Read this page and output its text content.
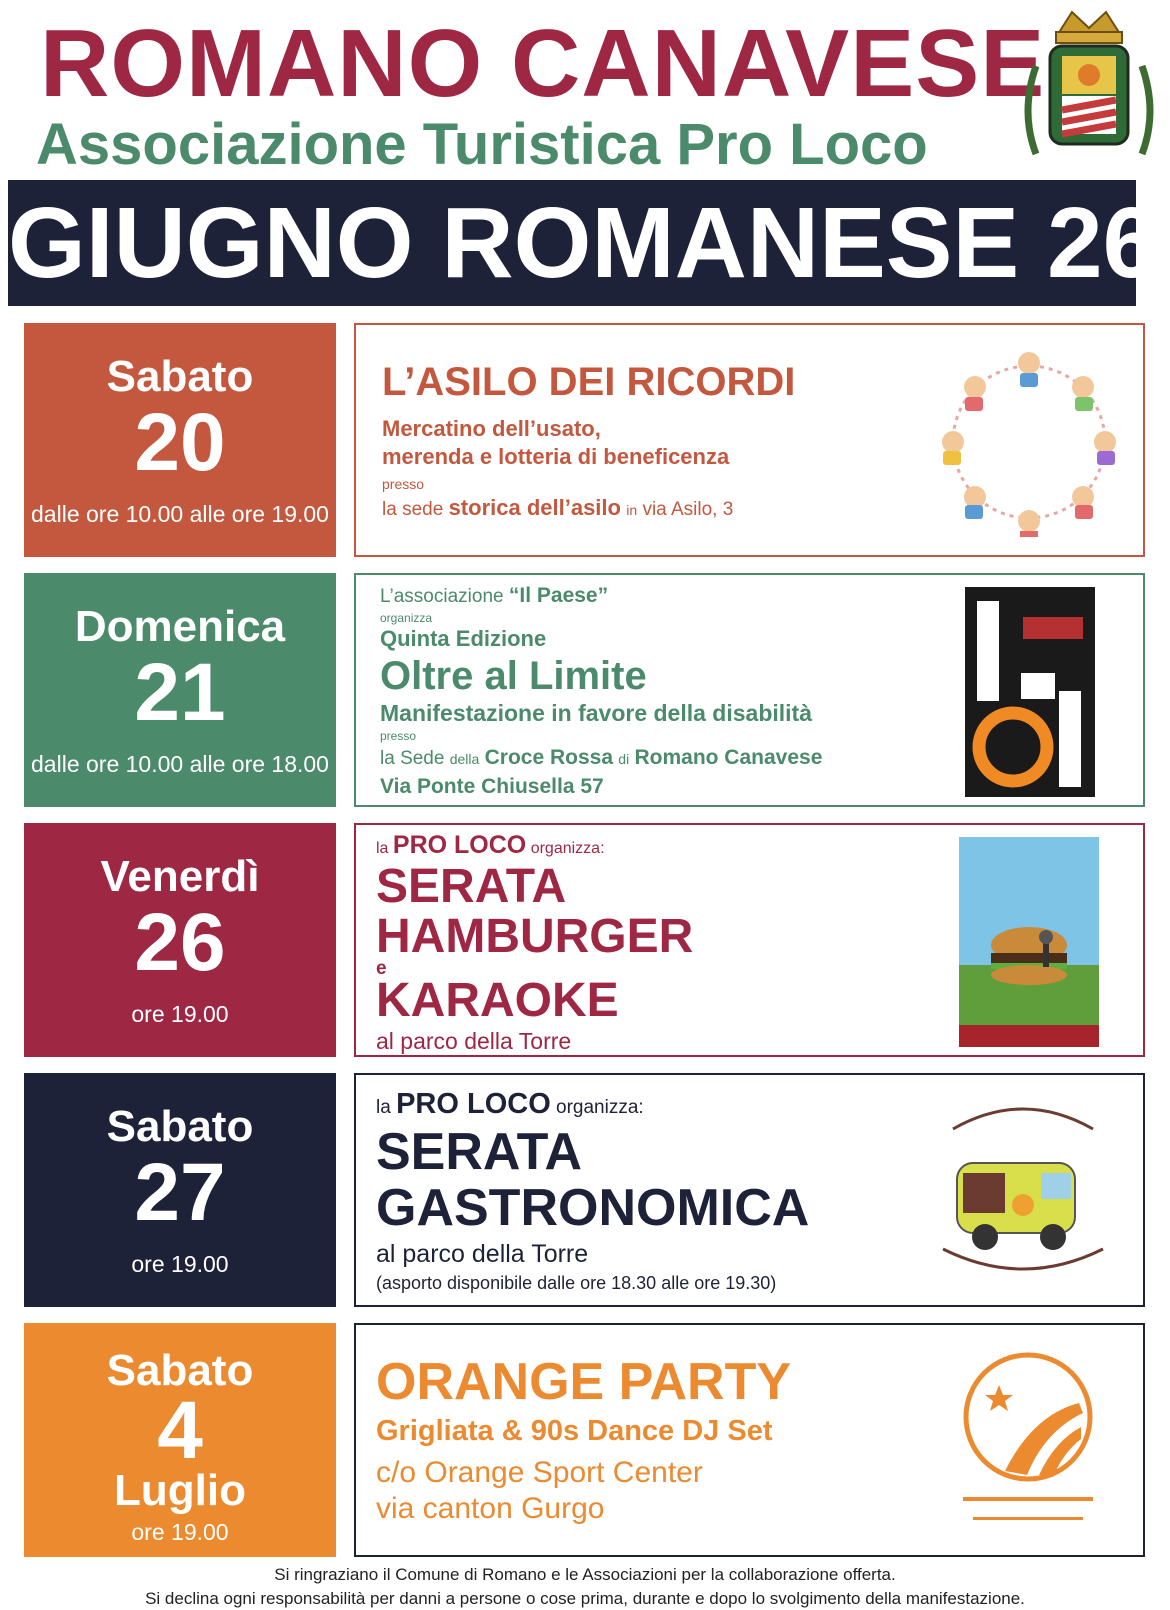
ROMANO CANAVESE
Associazione Turistica Pro Loco
GIUGNO ROMANESE 26
Sabato
20
dalle ore 10.00 alle ore 19.00
L’ASILO DEI RICORDI
Mercatino dell’usato,
merenda e lotteria di beneficenza
presso
la sede storica dell’asilo in via Asilo, 3
Domenica
21
dalle ore 10.00 alle ore 18.00
L’associazione “Il Paese”
organizza
Quinta Edizione
Oltre al Limite
Manifestazione in favore della disabilità
presso
la Sede della Croce Rossa di Romano Canavese
Via Ponte Chiusella 57
Venerdì
26
ore 19.00
la PRO LOCO organizza:
SERATA
HAMBURGER
e
KARAOKE
al parco della Torre
Sabato
27
ore 19.00
la PRO LOCO organizza:
SERATA
GASTRONOMICA
al parco della Torre
(asporto disponibile dalle ore 18.30 alle ore 19.30)
Sabato
4
Luglio
ore 19.00
ORANGE PARTY
Grigliata & 90s Dance DJ Set
c/o Orange Sport Center
via canton Gurgo
Si ringraziano il Comune di Romano e le Associazioni per la collaborazione offerta.
Si declina ogni responsabilità per danni a persone o cose prima, durante e dopo lo svolgimento della manifestazione.
